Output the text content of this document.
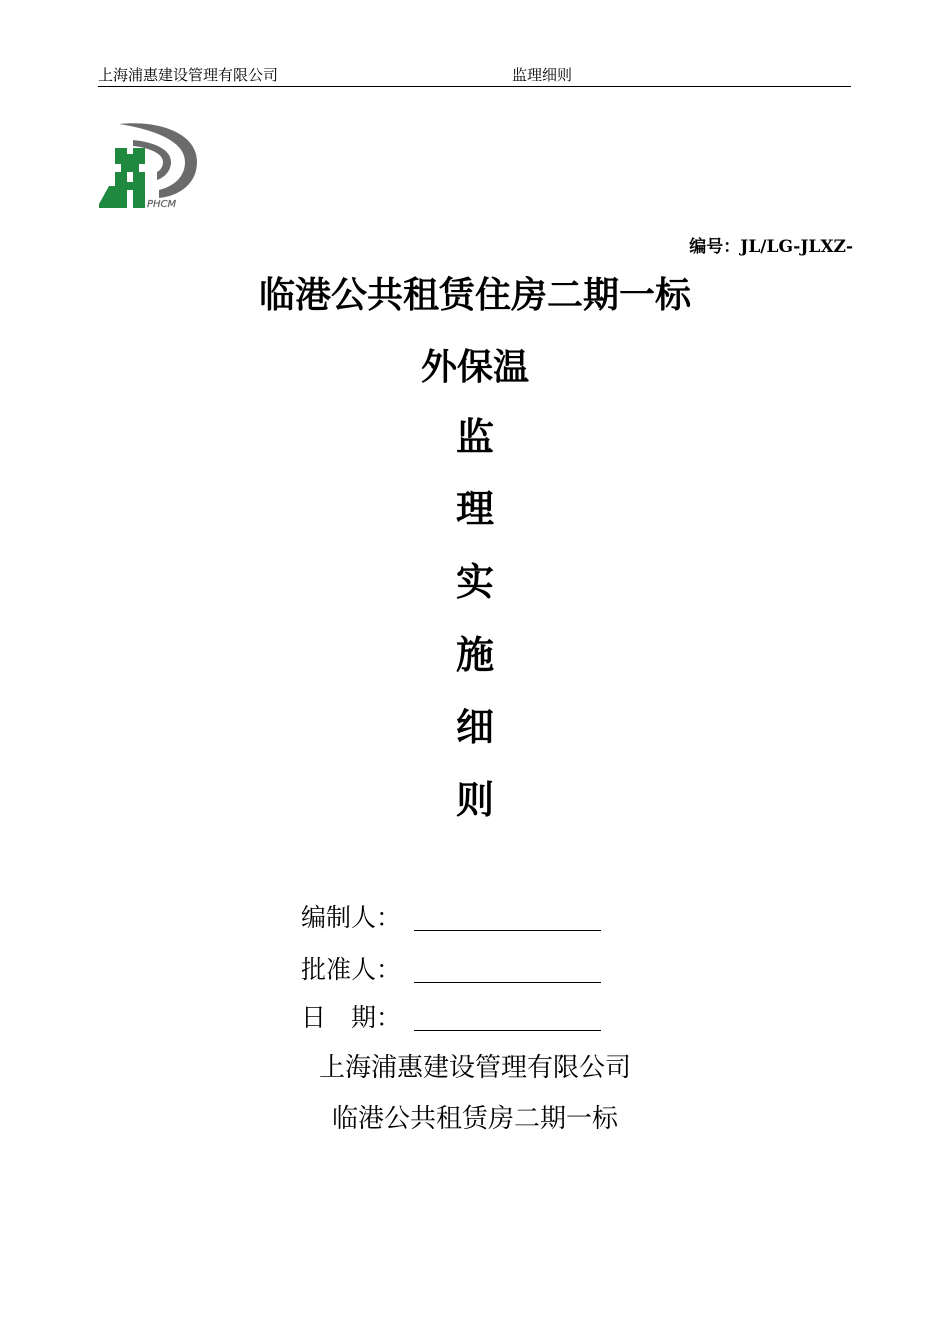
上海浦惠建设管理有限公司	监理细则
PHCM
编号：JL/LG-JLXZ-
临港公共租赁住房二期一标
外保温
监
理
实
施
细
则
编制人：
批准人：
日　期：
上海浦惠建设管理有限公司
临港公共租赁房二期一标
